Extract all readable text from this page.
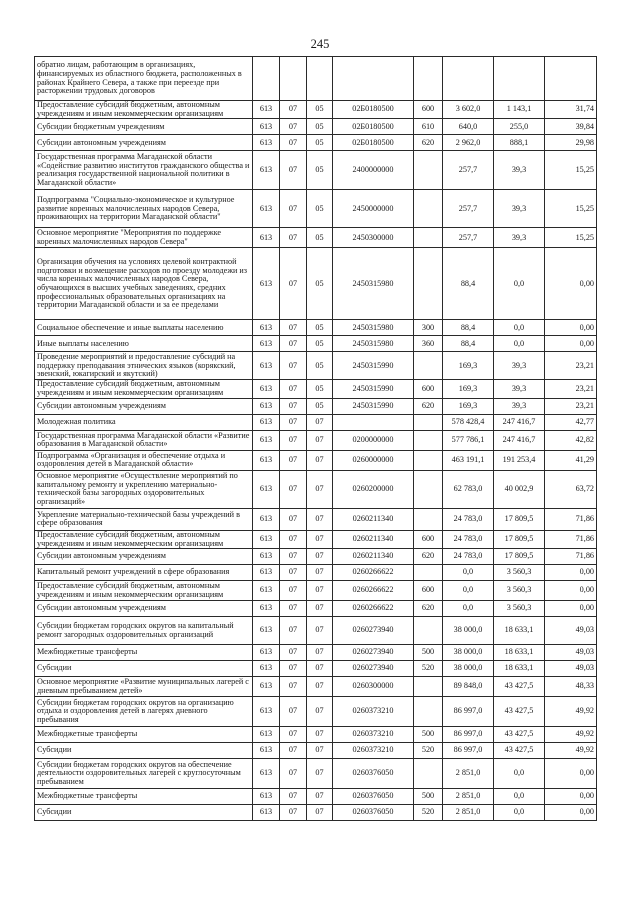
245
обратно лицам, работающим в организациях, финансируемых из областного бюджета, расположенных в районах Крайнего Севера, а также при переезде при расторжении трудовых договоров								
Предоставление субсидий бюджетным, автономным учреждениям и иным некоммерческим организациям	613	07	05	02Б0180500	600	3 602,0	1 143,1	31,74
Субсидии бюджетным учреждениям	613	07	05	02Б0180500	610	640,0	255,0	39,84
Субсидии автономным учреждениям	613	07	05	02Б0180500	620	2 962,0	888,1	29,98
Государственная программа Магаданской области «Содействие развитию институтов гражданского общества и реализация государственной национальной политики в Магаданской области»	613	07	05	2400000000		257,7	39,3	15,25
Подпрограмма "Социально-экономическое и культурное развитие коренных малочисленных народов Севера, проживающих на территории Магаданской области"	613	07	05	2450000000		257,7	39,3	15,25
Основное мероприятие "Мероприятия по поддержке коренных малочисленных народов Севера"	613	07	05	2450300000		257,7	39,3	15,25
Организация обучения на условиях целевой контрактной подготовки и возмещение расходов по проезду молодежи из числа коренных малочисленных народов Севера, обучающихся в высших учебных заведениях, средних профессиональных образовательных организациях на территории Магаданской области и за ее пределами	613	07	05	2450315980		88,4	0,0	0,00
Социальное обеспечение и иные выплаты населению	613	07	05	2450315980	300	88,4	0,0	0,00
Иные выплаты населению	613	07	05	2450315980	360	88,4	0,0	0,00
Проведение мероприятий и предоставление субсидий на поддержку преподавания этнических языков (корякский, эвенский, юкагирский и якутский)	613	07	05	2450315990		169,3	39,3	23,21
Предоставление субсидий бюджетным, автономным учреждениям и иным некоммерческим организациям	613	07	05	2450315990	600	169,3	39,3	23,21
Субсидии автономным учреждениям	613	07	05	2450315990	620	169,3	39,3	23,21
Молодежная политика	613	07	07			578 428,4	247 416,7	42,77
Государственная программа Магаданской области «Развитие образования в Магаданской области»	613	07	07	0200000000		577 786,1	247 416,7	42,82
Подпрограмма «Организация и обеспечение отдыха и оздоровления детей в Магаданской области»	613	07	07	0260000000		463 191,1	191 253,4	41,29
Основное мероприятие «Осуществление мероприятий по капитальному ремонту и укреплению материально-технической базы загородных оздоровительных организаций»	613	07	07	0260200000		62 783,0	40 002,9	63,72
Укрепление материально-технической базы учреждений в сфере образования	613	07	07	0260211340		24 783,0	17 809,5	71,86
Предоставление субсидий бюджетным, автономным учреждениям и иным некоммерческим организациям	613	07	07	0260211340	600	24 783,0	17 809,5	71,86
Субсидии автономным учреждениям	613	07	07	0260211340	620	24 783,0	17 809,5	71,86
Капитальный ремонт учреждений в сфере образования	613	07	07	0260266622		0,0	3 560,3	0,00
Предоставление субсидий бюджетным, автономным учреждениям и иным некоммерческим организациям	613	07	07	0260266622	600	0,0	3 560,3	0,00
Субсидии автономным учреждениям	613	07	07	0260266622	620	0,0	3 560,3	0,00
Субсидии бюджетам городских округов на капитальный ремонт загородных оздоровительных организаций	613	07	07	0260273940		38 000,0	18 633,1	49,03
Межбюджетные трансферты	613	07	07	0260273940	500	38 000,0	18 633,1	49,03
Субсидии	613	07	07	0260273940	520	38 000,0	18 633,1	49,03
Основное мероприятие «Развитие муниципальных лагерей с дневным пребыванием детей»	613	07	07	0260300000		89 848,0	43 427,5	48,33
Субсидии бюджетам городских округов на организацию отдыха и оздоровления детей в лагерях дневного пребывания	613	07	07	0260373210		86 997,0	43 427,5	49,92
Межбюджетные трансферты	613	07	07	0260373210	500	86 997,0	43 427,5	49,92
Субсидии	613	07	07	0260373210	520	86 997,0	43 427,5	49,92
Субсидии бюджетам городских округов на обеспечение деятельности оздоровительных лагерей с круглосуточным пребыванием	613	07	07	0260376050		2 851,0	0,0	0,00
Межбюджетные трансферты	613	07	07	0260376050	500	2 851,0	0,0	0,00
Субсидии	613	07	07	0260376050	520	2 851,0	0,0	0,00
